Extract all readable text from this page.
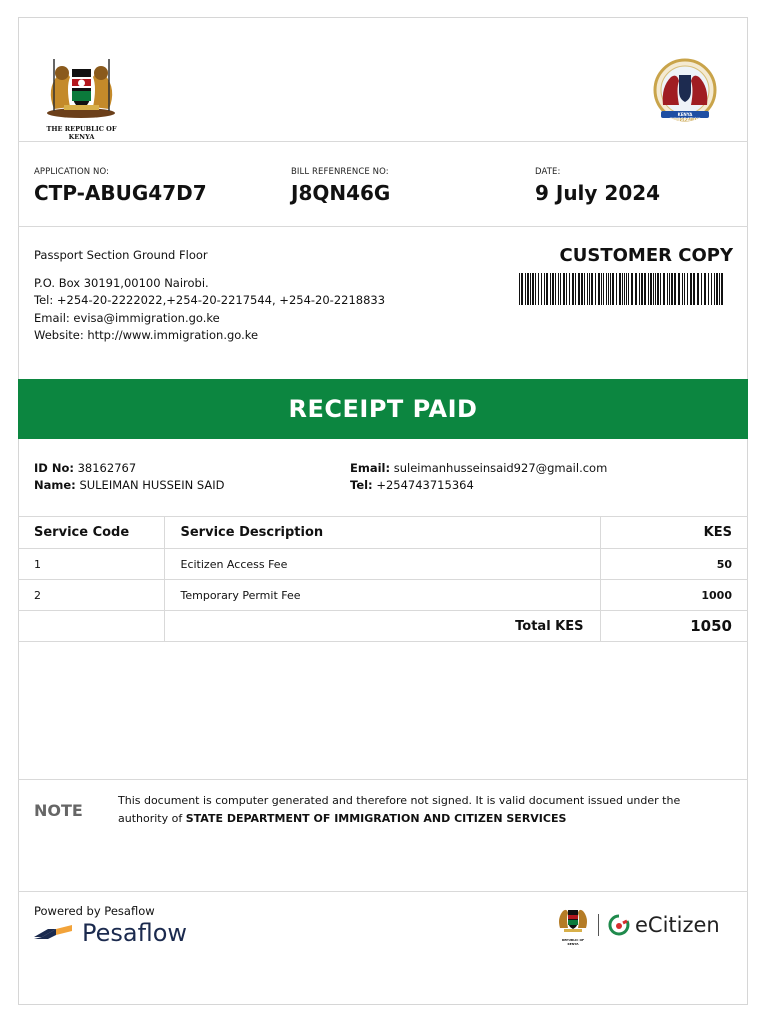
THE REPUBLIC OF KENYA
KENYA IMMIGRATION
APPLICATION NO:
CTP-ABUG47D7
BILL REFENRENCE NO:
J8QN46G
DATE:
9 July 2024
Passport Section Ground Floor
P.O. Box 30191,00100 Nairobi.
Tel: +254-20-2222022,+254-20-2217544, +254-20-2218833
Email: evisa@immigration.go.ke
Website: http://www.immigration.go.ke
CUSTOMER COPY
RECEIPT PAID
ID No: 38162767
Name: SULEIMAN HUSSEIN SAID
Email: suleimanhusseinsaid927@gmail.com
Tel: +254743715364
Service Code	Service Description	KES
1	Ecitizen Access Fee	50
2	Temporary Permit Fee	1000
	Total KES	1050
NOTE
This document is computer generated and therefore not signed. It is valid document issued under the authority of STATE DEPARTMENT OF IMMIGRATION AND CITIZEN SERVICES
Powered by Pesaflow
Pesaflow	REPUBLIC OF KENYA
eCitizen
